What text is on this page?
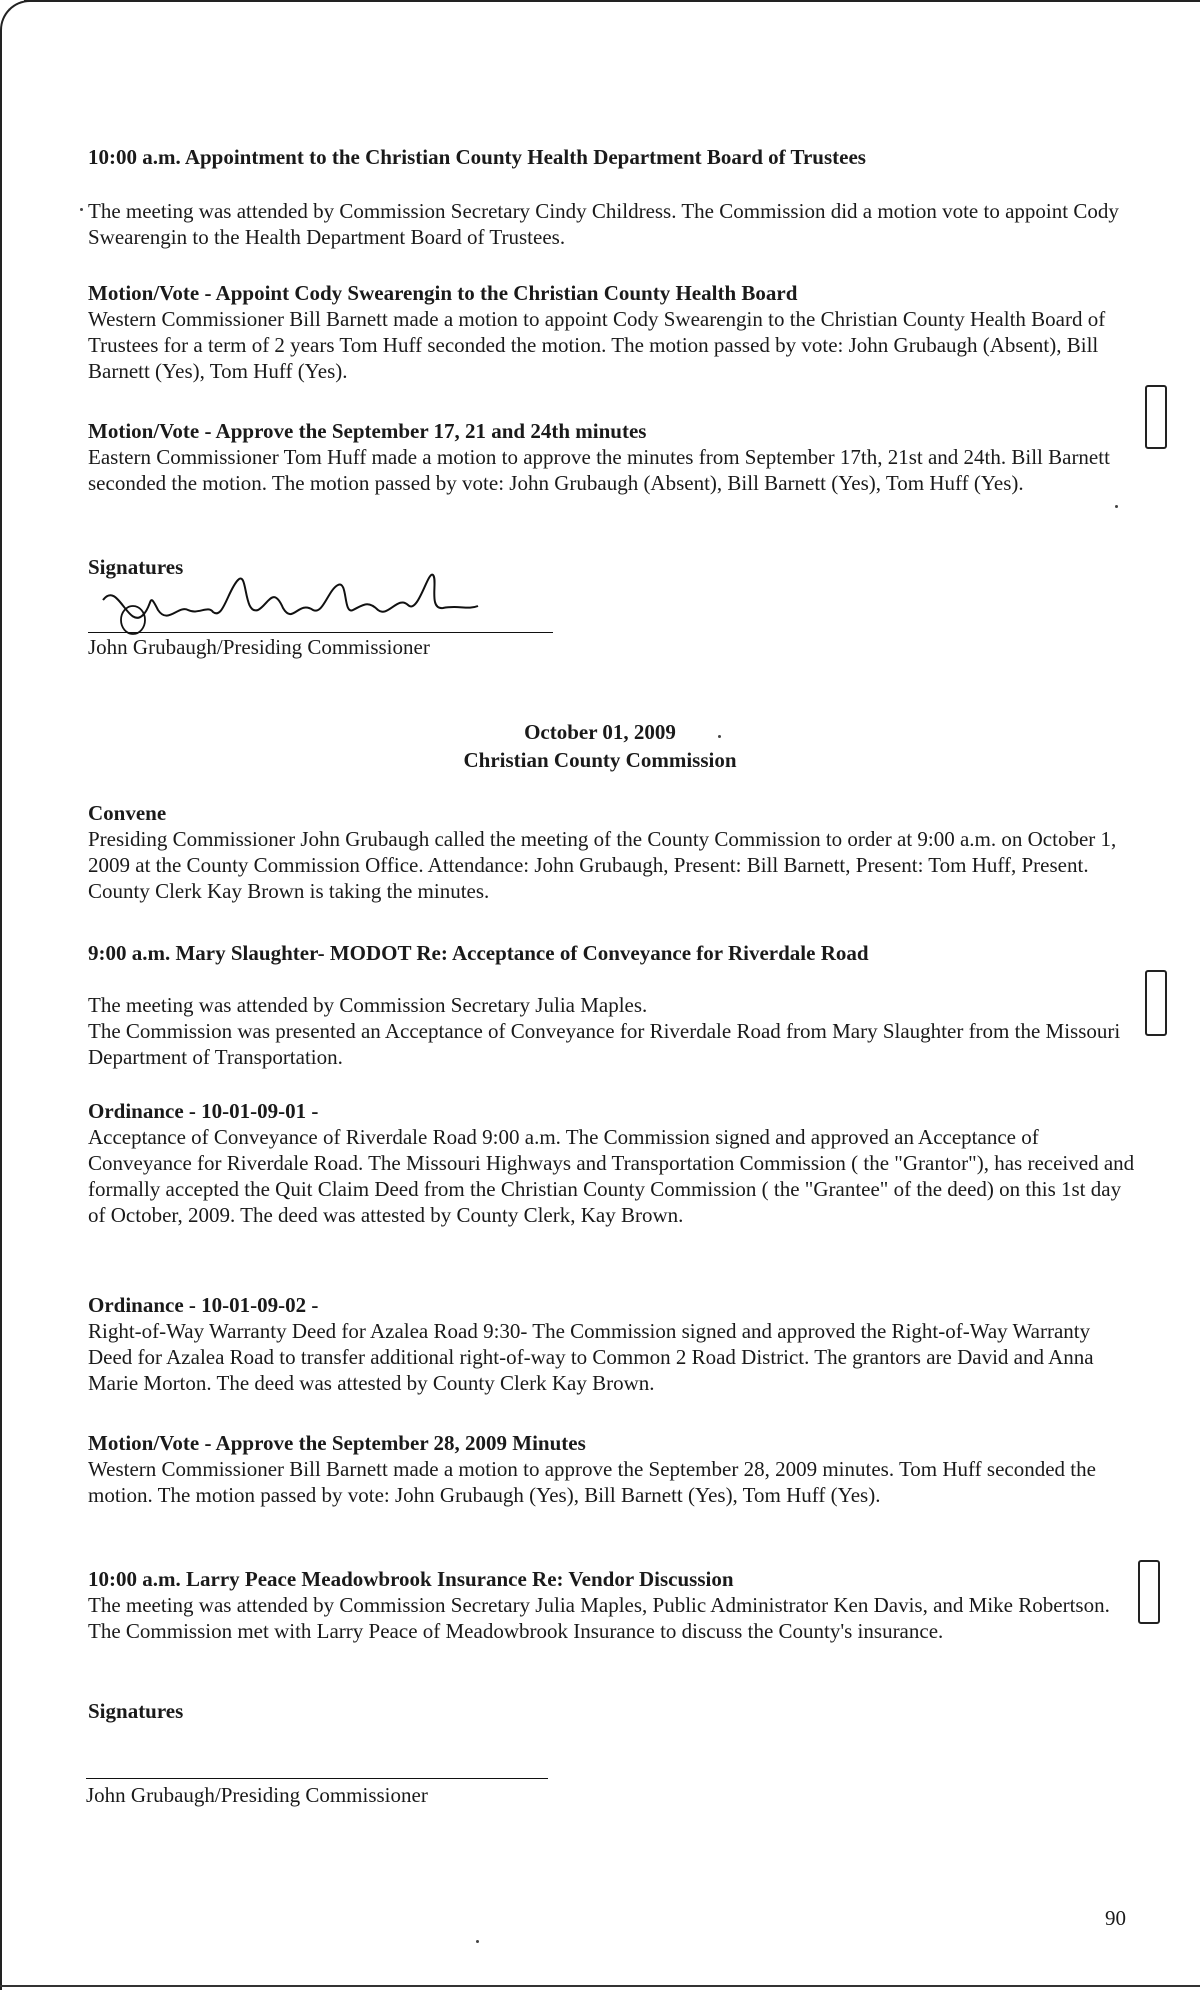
10:00 a.m. Appointment to the Christian County Health Department Board of Trustees
The meeting was attended by Commission Secretary Cindy Childress. The Commission did a motion vote to appoint Cody Swearengin to the Health Department Board of Trustees.
Motion/Vote - Appoint Cody Swearengin to the Christian County Health Board
Western Commissioner Bill Barnett made a motion to appoint Cody Swearengin to the Christian County Health Board of Trustees for a term of 2 years Tom Huff seconded the motion. The motion passed by vote: John Grubaugh (Absent), Bill Barnett (Yes), Tom Huff (Yes).
Motion/Vote - Approve the September 17, 21 and 24th minutes
Eastern Commissioner Tom Huff made a motion to approve the minutes from September 17th, 21st and 24th. Bill Barnett seconded the motion. The motion passed by vote: John Grubaugh (Absent), Bill Barnett (Yes), Tom Huff (Yes).
Signatures
John Grubaugh/Presiding Commissioner
October 01, 2009
Christian County Commission
Convene
Presiding Commissioner John Grubaugh called the meeting of the County Commission to order at 9:00 a.m. on October 1, 2009 at the County Commission Office. Attendance: John Grubaugh, Present: Bill Barnett, Present: Tom Huff, Present. County Clerk Kay Brown is taking the minutes.
9:00 a.m. Mary Slaughter- MODOT Re: Acceptance of Conveyance for Riverdale Road
The meeting was attended by Commission Secretary Julia Maples.
The Commission was presented an Acceptance of Conveyance for Riverdale Road from Mary Slaughter from the Missouri Department of Transportation.
Ordinance - 10-01-09-01 -
Acceptance of Conveyance of Riverdale Road 9:00 a.m. The Commission signed and approved an Acceptance of Conveyance for Riverdale Road. The Missouri Highways and Transportation Commission ( the "Grantor"), has received and formally accepted the Quit Claim Deed from the Christian County Commission ( the "Grantee" of the deed) on this 1st day of October, 2009. The deed was attested by County Clerk, Kay Brown.
Ordinance - 10-01-09-02 -
Right-of-Way Warranty Deed for Azalea Road 9:30- The Commission signed and approved the Right-of-Way Warranty Deed for Azalea Road to transfer additional right-of-way to Common 2 Road District. The grantors are David and Anna Marie Morton. The deed was attested by County Clerk Kay Brown.
Motion/Vote - Approve the September 28, 2009 Minutes
Western Commissioner Bill Barnett made a motion to approve the September 28, 2009 minutes. Tom Huff seconded the motion. The motion passed by vote: John Grubaugh (Yes), Bill Barnett (Yes), Tom Huff (Yes).
10:00 a.m. Larry Peace Meadowbrook Insurance Re: Vendor Discussion
The meeting was attended by Commission Secretary Julia Maples, Public Administrator Ken Davis, and Mike Robertson.
The Commission met with Larry Peace of Meadowbrook Insurance to discuss the County's insurance.
Signatures
John Grubaugh/Presiding Commissioner
90
